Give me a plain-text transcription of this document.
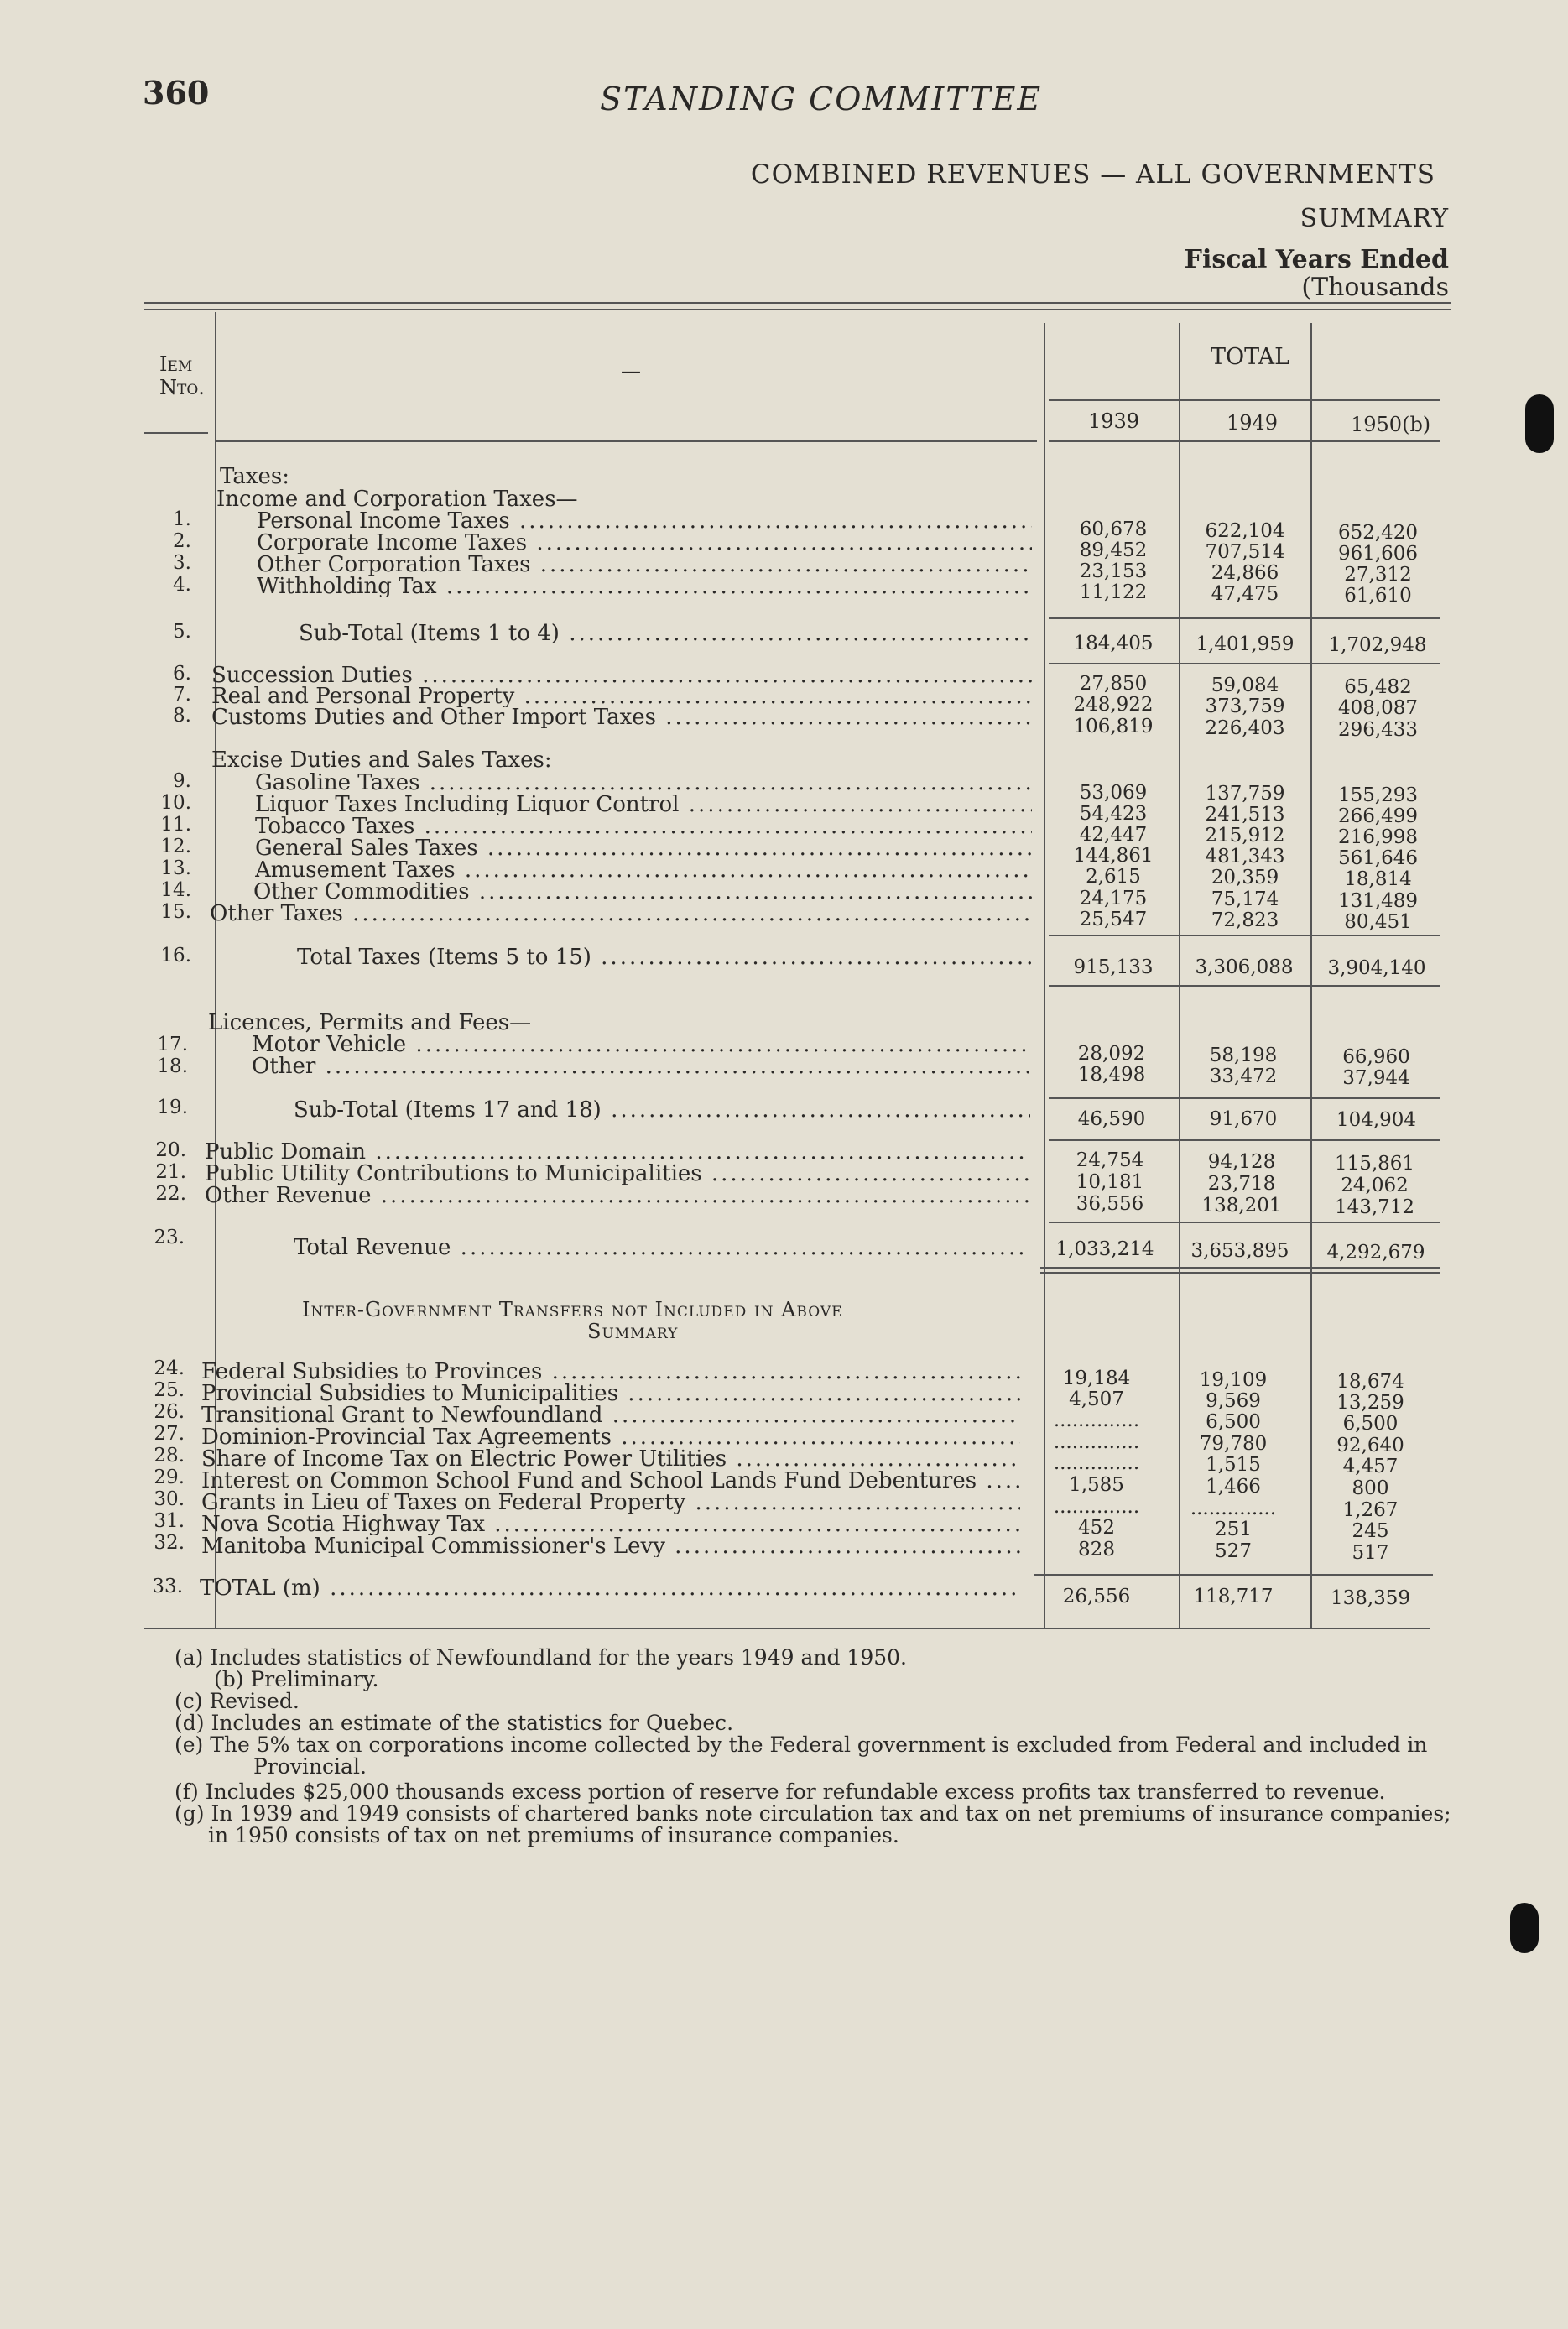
360	STANDING COMMITTEE
COMBINED REVENUES — ALL GOVERNMENTS
SUMMARY
Fiscal Years Ended
(Thousands
Iem
Nto.
—
TOTAL
1939	1949	1950(b)
Taxes:
Income and Corporation Taxes—
1.	Personal Income Taxes .....	60,678	622,104	652,420
2.	Corporate Income Taxes .....	89,452	707,514	961,606
3.	Other Corporation Taxes .....	23,153	24,866	27,312
4.	Withholding Tax .....	11,122	47,475	61,610
5.	Sub-Total (Items 1 to 4) .....	184,405	1,401,959	1,702,948
6. Succession Duties .....	27,850	59,084	65,482
7. Real and Personal Property .....	248,922	373,759	408,087
8. Customs Duties and Other Import Taxes .....	106,819	226,403	296,433
Excise Duties and Sales Taxes:
9.	Gasoline Taxes .....	53,069	137,759	155,293
10.	Liquor Taxes Including Liquor Control .....	54,423	241,513	266,499
11.	Tobacco Taxes .....	42,447	215,912	216,998
12.	General Sales Taxes .....	144,861	481,343	561,646
13.	Amusement Taxes .....	2,615	20,359	18,814
14.	Other Commodities .....	24,175	75,174	131,489
15. Other Taxes .....	25,547	72,823	80,451
16.	Total Taxes (Items 5 to 15) .....	915,133	3,306,088	3,904,140
Licences, Permits and Fees—
17.	Motor Vehicle .....	28,092	58,198	66,960
18.	Other .....	18,498	33,472	37,944
19.	Sub-Total (Items 17 and 18) .....	46,590	91,670	104,904
20. Public Domain .....	24,754	94,128	115,861
21. Public Utility Contributions to Municipalities .....	10,181	23,718	24,062
22. Other Revenue .....	36,556	138,201	143,712
23.	Total Revenue .....	1,033,214	3,653,895	4,292,679
Inter-Government Transfers not Included in Above
Summary
24. Federal Subsidies to Provinces .....	19,184	19,109	18,674
25. Provincial Subsidies to Municipalities .....	4,507	9,569	13,259
26. Transitional Grant to Newfoundland .....	..............	6,500	6,500
27. Dominion-Provincial Tax Agreements .....	..............	79,780	92,640
28. Share of Income Tax on Electric Power Utilities .....	..............	1,515	4,457
29. Interest on Common School Fund and School Lands Fund Debentures .....	1,585	1,466	800
30. Grants in Lieu of Taxes on Federal Property .....	..............	..............	1,267
31. Nova Scotia Highway Tax .....	452	251	245
32. Manitoba Municipal Commissioner's Levy .....	828	527	517
33. TOTAL (m) .....	26,556	118,717	138,359
(a) Includes statistics of Newfoundland for the years 1949 and 1950.
(b) Preliminary.
(c) Revised.
(d) Includes an estimate of the statistics for Quebec.
(e) The 5% tax on corporations income collected by the Federal government is excluded from Federal and included in
Provincial.
(f) Includes $25,000 thousands excess portion of reserve for refundable excess profits tax transferred to revenue.
(g) In 1939 and 1949 consists of chartered banks note circulation tax and tax on net premiums of insurance companies;
in 1950 consists of tax on net premiums of insurance companies.
